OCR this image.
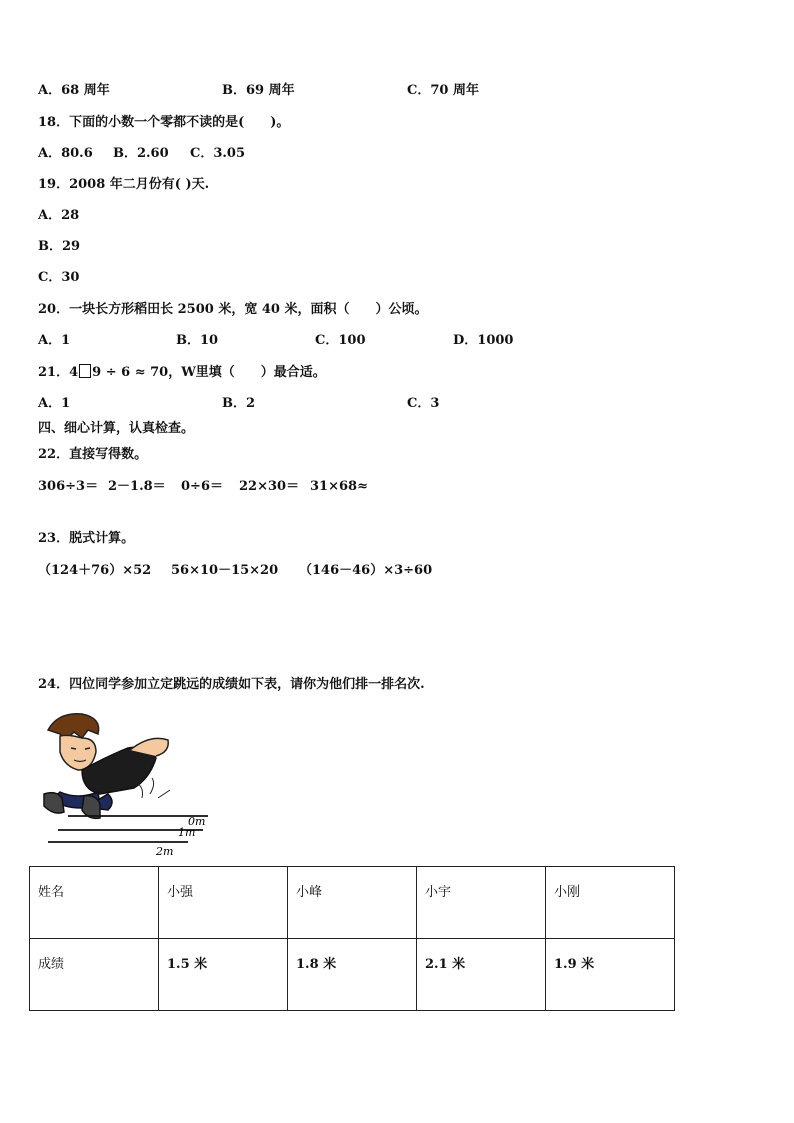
A．68 周年	B．69 周年	C．70 周年
18．下面的小数一个零都不读的是(　　)。
A．80.6 B．2.60 C．3.05
19．2008 年二月份有( )天.
A．28
B．29
C．30
20．一块长方形稻田长 2500 米，宽 40 米，面积（　　）公顷。
A．1	B．10	C．100	D．1000
21．4 9 ÷ 6 ≈ 70，W里填（　　）最合适。
A．1	B．2	C．3
四、细心计算，认真检查。
22．直接写得数。
306÷3＝ 2－1.8＝ 0÷6＝ 22×30＝ 31×68≈
23．脱式计算。
（124＋76）×52 56×10－15×20 （146－46）×3÷60
24．四位同学参加立定跳远的成绩如下表，请你为他们排一排名次.
0m
1m
2m
姓名	小强	小峰	小宇	小刚
成绩	1.5 米	1.8 米	2.1 米	1.9 米
